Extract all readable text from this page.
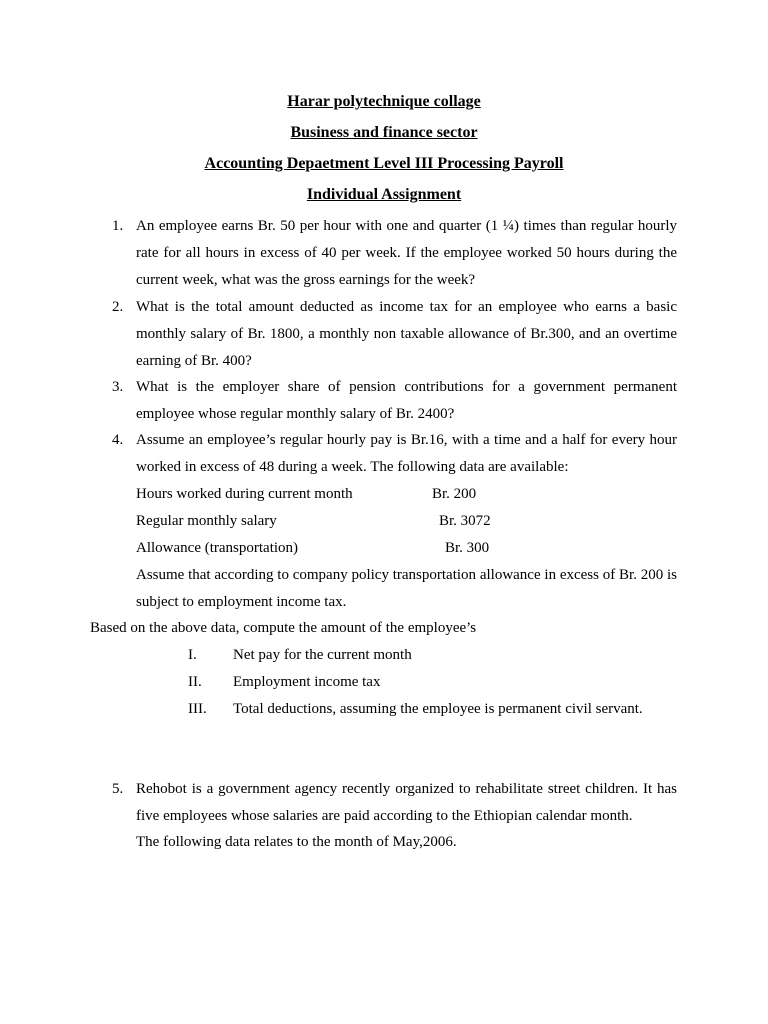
Harar polytechnique collage
Business and finance sector
Accounting Depaetment Level III Processing Payroll
Individual Assignment
1. An employee earns Br. 50 per hour with one and quarter (1 ¼) times than regular hourly rate for all hours in excess of 40 per week. If the employee worked 50 hours during the current week, what was the gross earnings for the week?
2. What is the total amount deducted as income tax for an employee who earns a basic monthly salary of Br. 1800, a monthly non taxable allowance of Br.300, and an overtime earning of Br. 400?
3. What is the employer share of pension contributions for a government permanent employee whose regular monthly salary of Br. 2400?
4. Assume an employee’s regular hourly pay is Br.16, with a time and a half for every hour worked in excess of 48 during a week. The following data are available:
Hours worked during current month	Br. 200
Regular monthly salary	Br. 3072
Allowance (transportation)	Br. 300
Assume that according to company policy transportation allowance in excess of Br. 200 is subject to employment income tax.
Based on the above data, compute the amount of the employee’s
I. Net pay for the current month
II. Employment income tax
III. Total deductions, assuming the employee is permanent civil servant.
5. Rehobot is a government agency recently organized to rehabilitate street children. It has five employees whose salaries are paid according to the Ethiopian calendar month.
The following data relates to the month of May,2006.
